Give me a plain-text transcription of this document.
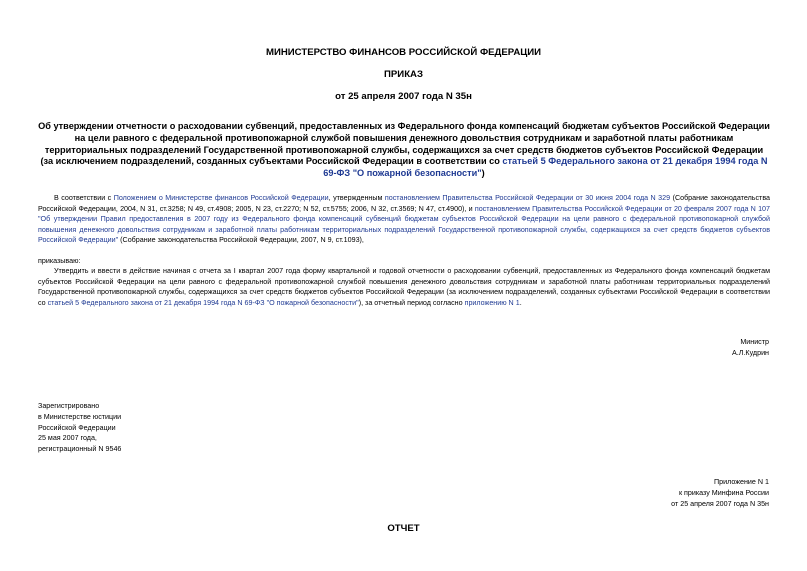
МИНИСТЕРСТВО ФИНАНСОВ РОССИЙСКОЙ ФЕДЕРАЦИИ
ПРИКАЗ
от 25 апреля 2007 года N 35н
Об утверждении отчетности о расходовании субвенций, предоставленных из Федерального фонда компенсаций бюджетам субъектов Российской Федерации на цели равного с федеральной противопожарной службой повышения денежного довольствия сотрудникам и заработной платы работникам территориальных подразделений Государственной противопожарной службы, содержащихся за счет средств бюджетов субъектов Российской Федерации (за исключением подразделений, созданных субъектами Российской Федерации в соответствии со статьей 5 Федерального закона от 21 декабря 1994 года N 69-ФЗ "О пожарной безопасности")
В соответствии с Положением о Министерстве финансов Российской Федерации, утвержденным постановлением Правительства Российской Федерации от 30 июня 2004 года N 329 (Собрание законодательства Российской Федерации, 2004, N 31, ст.3258; N 49, ст.4908; 2005, N 23, ст.2270; N 52, ст.5755; 2006, N 32, ст.3569; N 47, ст.4900), и постановлением Правительства Российской Федерации от 20 февраля 2007 года N 107 "Об утверждении Правил предоставления в 2007 году из Федерального фонда компенсаций субвенций бюджетам субъектов Российской Федерации на цели равного с федеральной противопожарной службой повышения денежного довольствия сотрудникам и заработной платы работникам территориальных подразделений Государственной противопожарной службы, содержащихся за счет средств бюджетов субъектов Российской Федерации" (Собрание законодательства Российской Федерации, 2007, N 9, ст.1093),
приказываю:
Утвердить и ввести в действие начиная с отчета за I квартал 2007 года форму квартальной и годовой отчетности о расходовании субвенций, предоставленных из Федерального фонда компенсаций бюджетам субъектов Российской Федерации на цели равного с федеральной противопожарной службой повышения денежного довольствия сотрудникам и заработной платы работникам территориальных подразделений Государственной противопожарной службы, содержащихся за счет средств бюджетов субъектов Российской Федерации (за исключением подразделений, созданных субъектами Российской Федерации в соответствии со статьей 5 Федерального закона от 21 декабря 1994 года N 69-ФЗ "О пожарной безопасности"), за отчетный период согласно приложению N 1.
Министр
А.Л.Кудрин
Зарегистрировано
в Министерстве юстиции
Российской Федерации
25 мая 2007 года,
регистрационный N 9546
Приложение N 1
к приказу Минфина России
от 25 апреля 2007 года N 35н
ОТЧЕТ
